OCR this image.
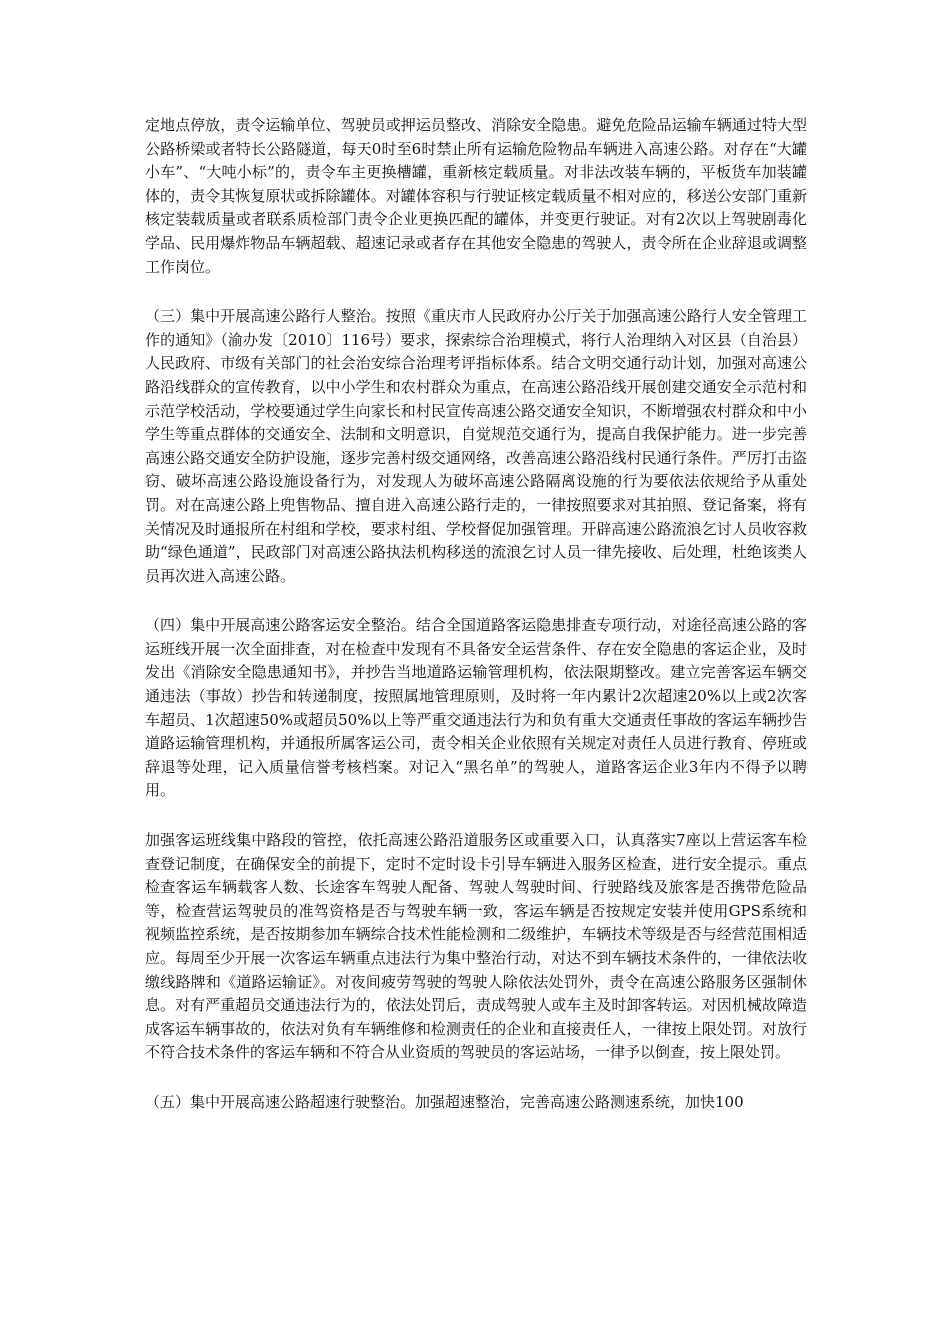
定地点停放，责令运输单位、驾驶员或押运员整改、消除安全隐患。避免危险品运输车辆通过特大型公路桥梁或者特长公路隧道，每天0时至6时禁止所有运输危险物品车辆进入高速公路。对存在“大罐小车”、“大吨小标”的，责令车主更换槽罐，重新核定载质量。对非法改装车辆的，平板货车加装罐体的，责令其恢复原状或拆除罐体。对罐体容积与行驶证核定载质量不相对应的，移送公安部门重新核定装载质量或者联系质检部门责令企业更换匹配的罐体，并变更行驶证。对有2次以上驾驶剧毒化学品、民用爆炸物品车辆超载、超速记录或者存在其他安全隐患的驾驶人，责令所在企业辞退或调整工作岗位。

（三）集中开展高速公路行人整治。按照《重庆市人民政府办公厅关于加强高速公路行人安全管理工作的通知》（渝办发〔2010〕116号）要求，探索综合治理模式，将行人治理纳入对区县（自治县）人民政府、市级有关部门的社会治安综合治理考评指标体系。结合文明交通行动计划，加强对高速公路沿线群众的宣传教育，以中小学生和农村群众为重点，在高速公路沿线开展创建交通安全示范村和示范学校活动，学校要通过学生向家长和村民宣传高速公路交通安全知识，不断增强农村群众和中小学生等重点群体的交通安全、法制和文明意识，自觉规范交通行为，提高自我保护能力。进一步完善高速公路交通安全防护设施，逐步完善村级交通网络，改善高速公路沿线村民通行条件。严厉打击盗窃、破坏高速公路设施设备行为，对发现人为破坏高速公路隔离设施的行为要依法依规给予从重处罚。对在高速公路上兜售物品、擅自进入高速公路行走的，一律按照要求对其拍照、登记备案，将有关情况及时通报所在村组和学校，要求村组、学校督促加强管理。开辟高速公路流浪乞讨人员收容救助“绿色通道”，民政部门对高速公路执法机构移送的流浪乞讨人员一律先接收、后处理，杜绝该类人员再次进入高速公路。

（四）集中开展高速公路客运安全整治。结合全国道路客运隐患排查专项行动，对途径高速公路的客运班线开展一次全面排查，对在检查中发现有不具备安全运营条件、存在安全隐患的客运企业，及时发出《消除安全隐患通知书》，并抄告当地道路运输管理机构，依法限期整改。建立完善客运车辆交通违法（事故）抄告和转递制度，按照属地管理原则，及时将一年内累计2次超速20%以上或2次客车超员、1次超速50%或超员50%以上等严重交通违法行为和负有重大交通责任事故的客运车辆抄告道路运输管理机构，并通报所属客运公司，责令相关企业依照有关规定对责任人员进行教育、停班或辞退等处理，记入质量信誉考核档案。对记入“黑名单”的驾驶人，道路客运企业3年内不得予以聘用。

加强客运班线集中路段的管控，依托高速公路沿道服务区或重要入口，认真落实7座以上营运客车检查登记制度，在确保安全的前提下，定时不定时设卡引导车辆进入服务区检查，进行安全提示。重点检查客运车辆载客人数、长途客车驾驶人配备、驾驶人驾驶时间、行驶路线及旅客是否携带危险品等，检查营运驾驶员的准驾资格是否与驾驶车辆一致，客运车辆是否按规定安装并使用GPS系统和视频监控系统，是否按期参加车辆综合技术性能检测和二级维护，车辆技术等级是否与经营范围相适应。每周至少开展一次客运车辆重点违法行为集中整治行动，对达不到车辆技术条件的，一律依法收缴线路牌和《道路运输证》。对夜间疲劳驾驶的驾驶人除依法处罚外，责令在高速公路服务区强制休息。对有严重超员交通违法行为的，依法处罚后，责成驾驶人或车主及时卸客转运。对因机械故障造成客运车辆事故的，依法对负有车辆维修和检测责任的企业和直接责任人，一律按上限处罚。对放行不符合技术条件的客运车辆和不符合从业资质的驾驶员的客运站场，一律予以倒查，按上限处罚。

（五）集中开展高速公路超速行驶整治。加强超速整治，完善高速公路测速系统，加快100
